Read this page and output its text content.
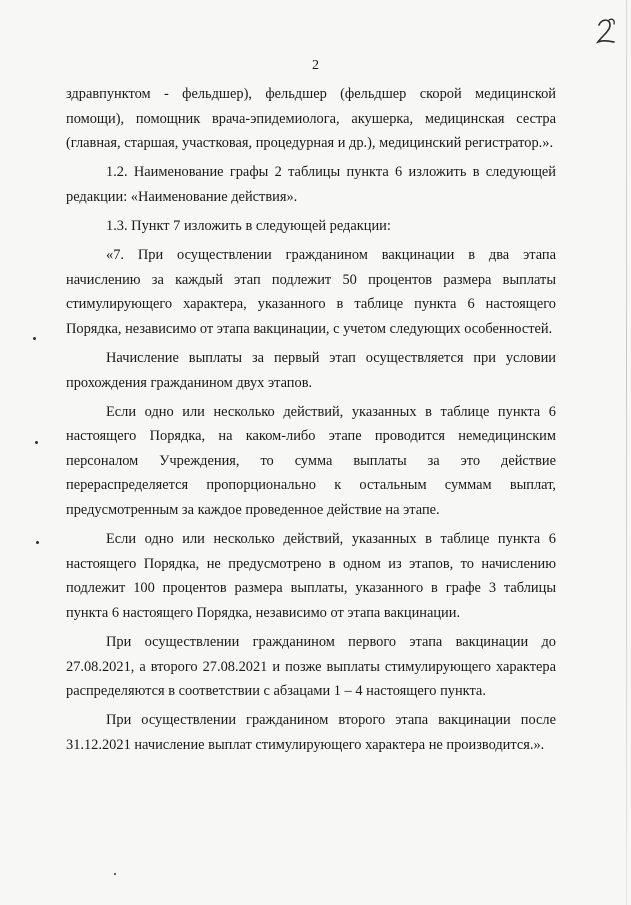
2

здравпунктом - фельдшер), фельдшер (фельдшер скорой медицинской помощи), помощник врача-эпидемиолога, акушерка, медицинская сестра (главная, старшая, участковая, процедурная и др.), медицинский регистратор.».

1.2. Наименование графы 2 таблицы пункта 6 изложить в следующей редакции: «Наименование действия».

1.3. Пункт 7 изложить в следующей редакции:

«7. При осуществлении гражданином вакцинации в два этапа начислению за каждый этап подлежит 50 процентов размера выплаты стимулирующего характера, указанного в таблице пункта 6 настоящего Порядка, независимо от этапа вакцинации, с учетом следующих особенностей.

Начисление выплаты за первый этап осуществляется при условии прохождения гражданином двух этапов.

Если одно или несколько действий, указанных в таблице пункта 6 настоящего Порядка, на каком-либо этапе проводится немедицинским персоналом Учреждения, то сумма выплаты за это действие перераспределяется пропорционально к остальным суммам выплат, предусмотренным за каждое проведенное действие на этапе.

Если одно или несколько действий, указанных в таблице пункта 6 настоящего Порядка, не предусмотрено в одном из этапов, то начислению подлежит 100 процентов размера выплаты, указанного в графе 3 таблицы пункта 6 настоящего Порядка, независимо от этапа вакцинации.

При осуществлении гражданином первого этапа вакцинации до 27.08.2021, а второго 27.08.2021 и позже выплаты стимулирующего характера распределяются в соответствии с абзацами 1 – 4 настоящего пункта.

При осуществлении гражданином второго этапа вакцинации после 31.12.2021 начисление выплат стимулирующего характера не производится.».
